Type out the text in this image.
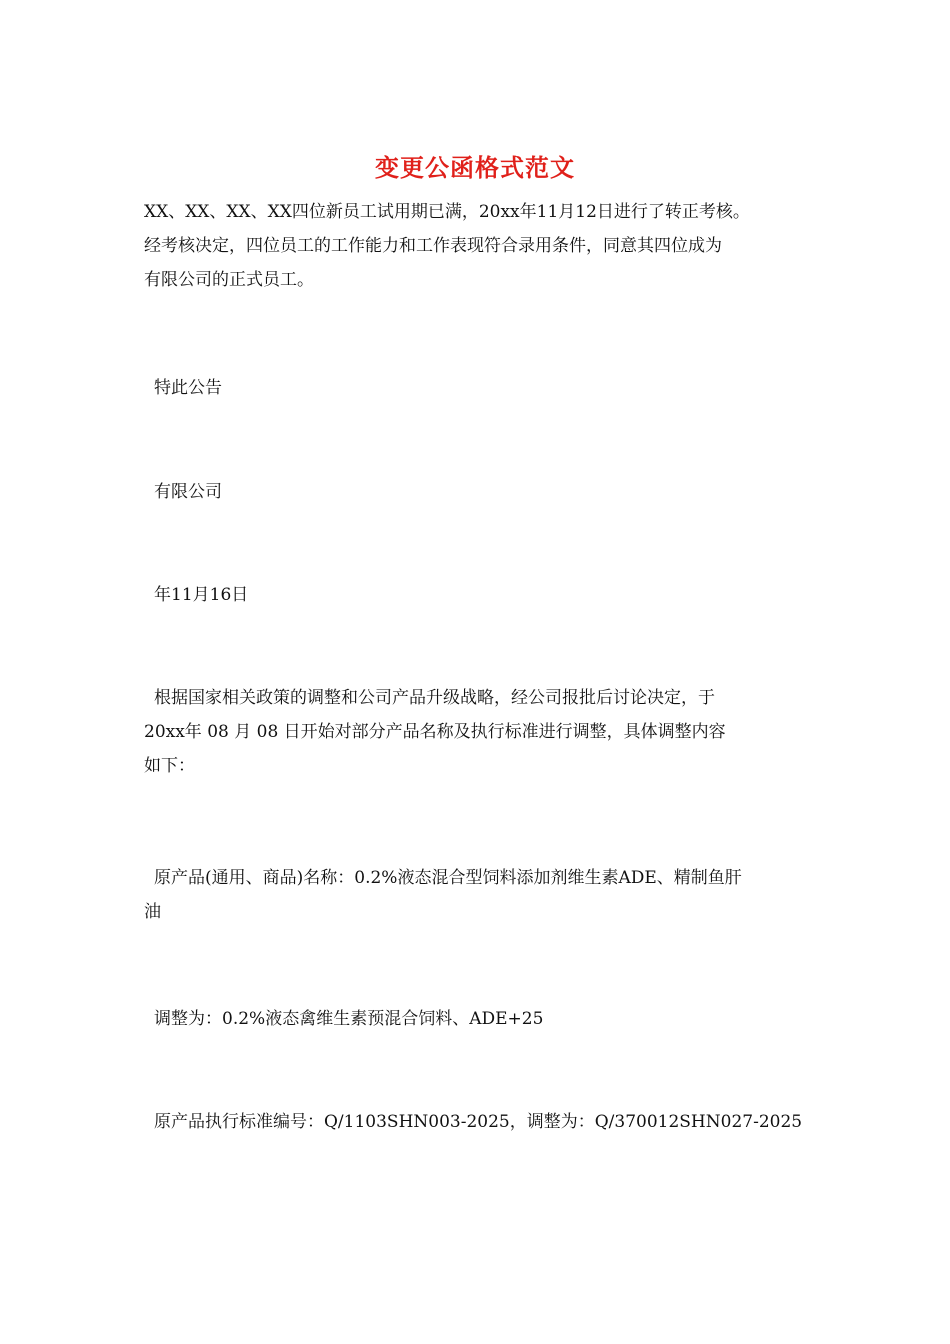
变更公函格式范文
XX、XX、XX、XX四位新员工试用期已满，20xx年11月12日进行了转正考核。
经考核决定，四位员工的工作能力和工作表现符合录用条件，同意其四位成为
有限公司的正式员工。
特此公告
有限公司
年11月16日
根据国家相关政策的调整和公司产品升级战略，经公司报批后讨论决定，于
20xx年 08 月 08 日开始对部分产品名称及执行标准进行调整，具体调整内容
如下：
原产品(通用、商品)名称：0.2%液态混合型饲料添加剂维生素ADE、精制鱼肝
油
调整为：0.2%液态禽维生素预混合饲料、ADE+25
原产品执行标准编号：Q/1103SHN003-2025，调整为：Q/370012SHN027-2025
